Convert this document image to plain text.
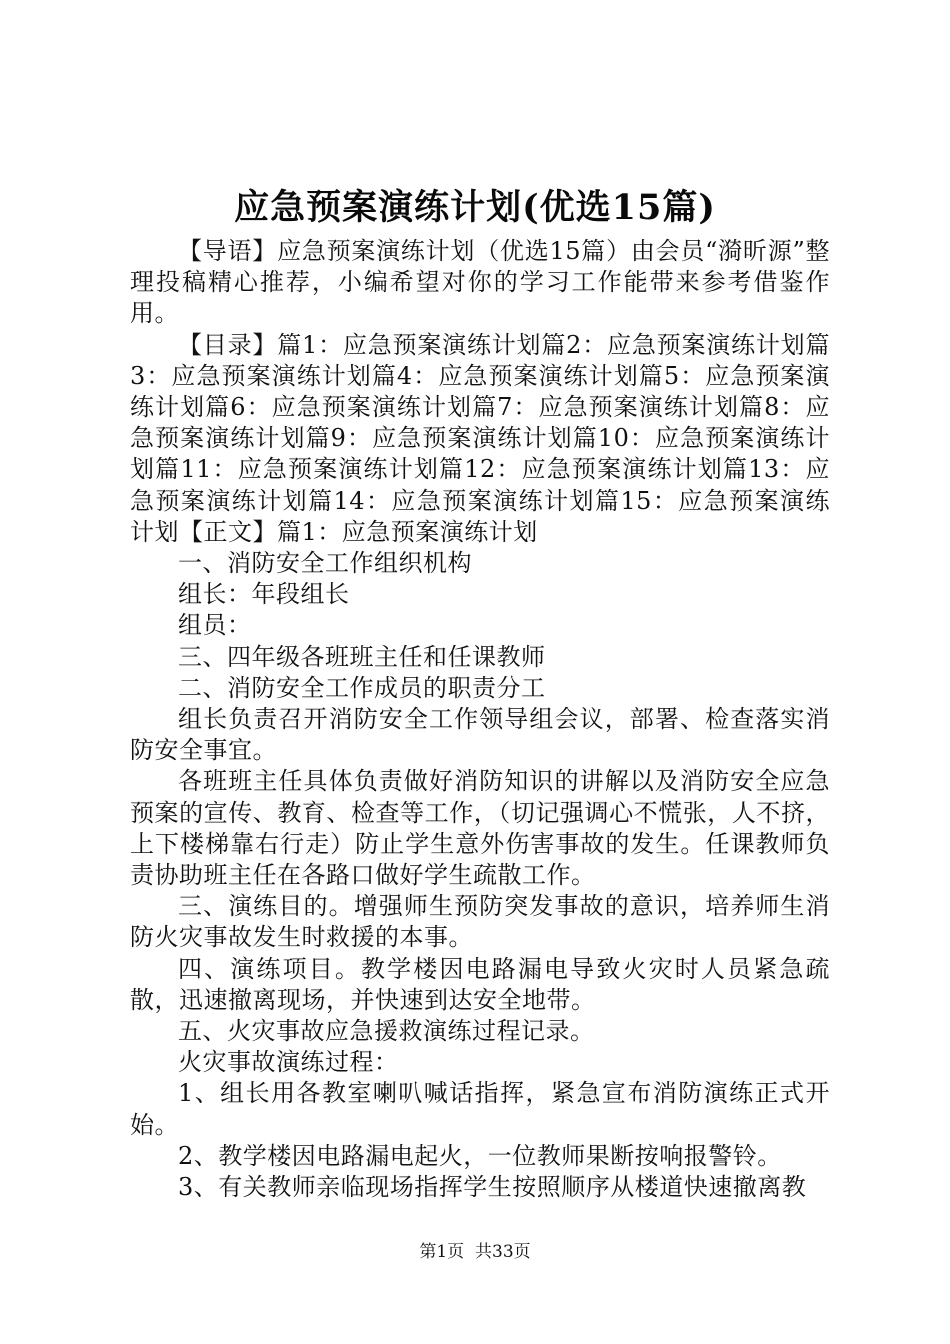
应急预案演练计划(优选15篇)

【导语】应急预案演练计划（优选15篇）由会员“漪昕源”整理投稿精心推荐，小编希望对你的学习工作能带来参考借鉴作用。

【目录】篇1：应急预案演练计划篇2：应急预案演练计划篇3：应急预案演练计划篇4：应急预案演练计划篇5：应急预案演练计划篇6：应急预案演练计划篇7：应急预案演练计划篇8：应急预案演练计划篇9：应急预案演练计划篇10：应急预案演练计划篇11：应急预案演练计划篇12：应急预案演练计划篇13：应急预案演练计划篇14：应急预案演练计划篇15：应急预案演练计划【正文】篇1：应急预案演练计划

一、消防安全工作组织机构

组长：年段组长

组员：

三、四年级各班班主任和任课教师

二、消防安全工作成员的职责分工

组长负责召开消防安全工作领导组会议，部署、检查落实消防安全事宜。

各班班主任具体负责做好消防知识的讲解以及消防安全应急预案的宣传、教育、检查等工作，（切记强调心不慌张，人不挤，上下楼梯靠右行走）防止学生意外伤害事故的发生。任课教师负责协助班主任在各路口做好学生疏散工作。

三、演练目的。增强师生预防突发事故的意识，培养师生消防火灾事故发生时救援的本事。

四、演练项目。教学楼因电路漏电导致火灾时人员紧急疏散，迅速撤离现场，并快速到达安全地带。

五、火灾事故应急援救演练过程记录。

火灾事故演练过程：

1、组长用各教室喇叭喊话指挥，紧急宣布消防演练正式开始。

2、教学楼因电路漏电起火，一位教师果断按响报警铃。

3、有关教师亲临现场指挥学生按照顺序从楼道快速撤离教

第1页 共33页
